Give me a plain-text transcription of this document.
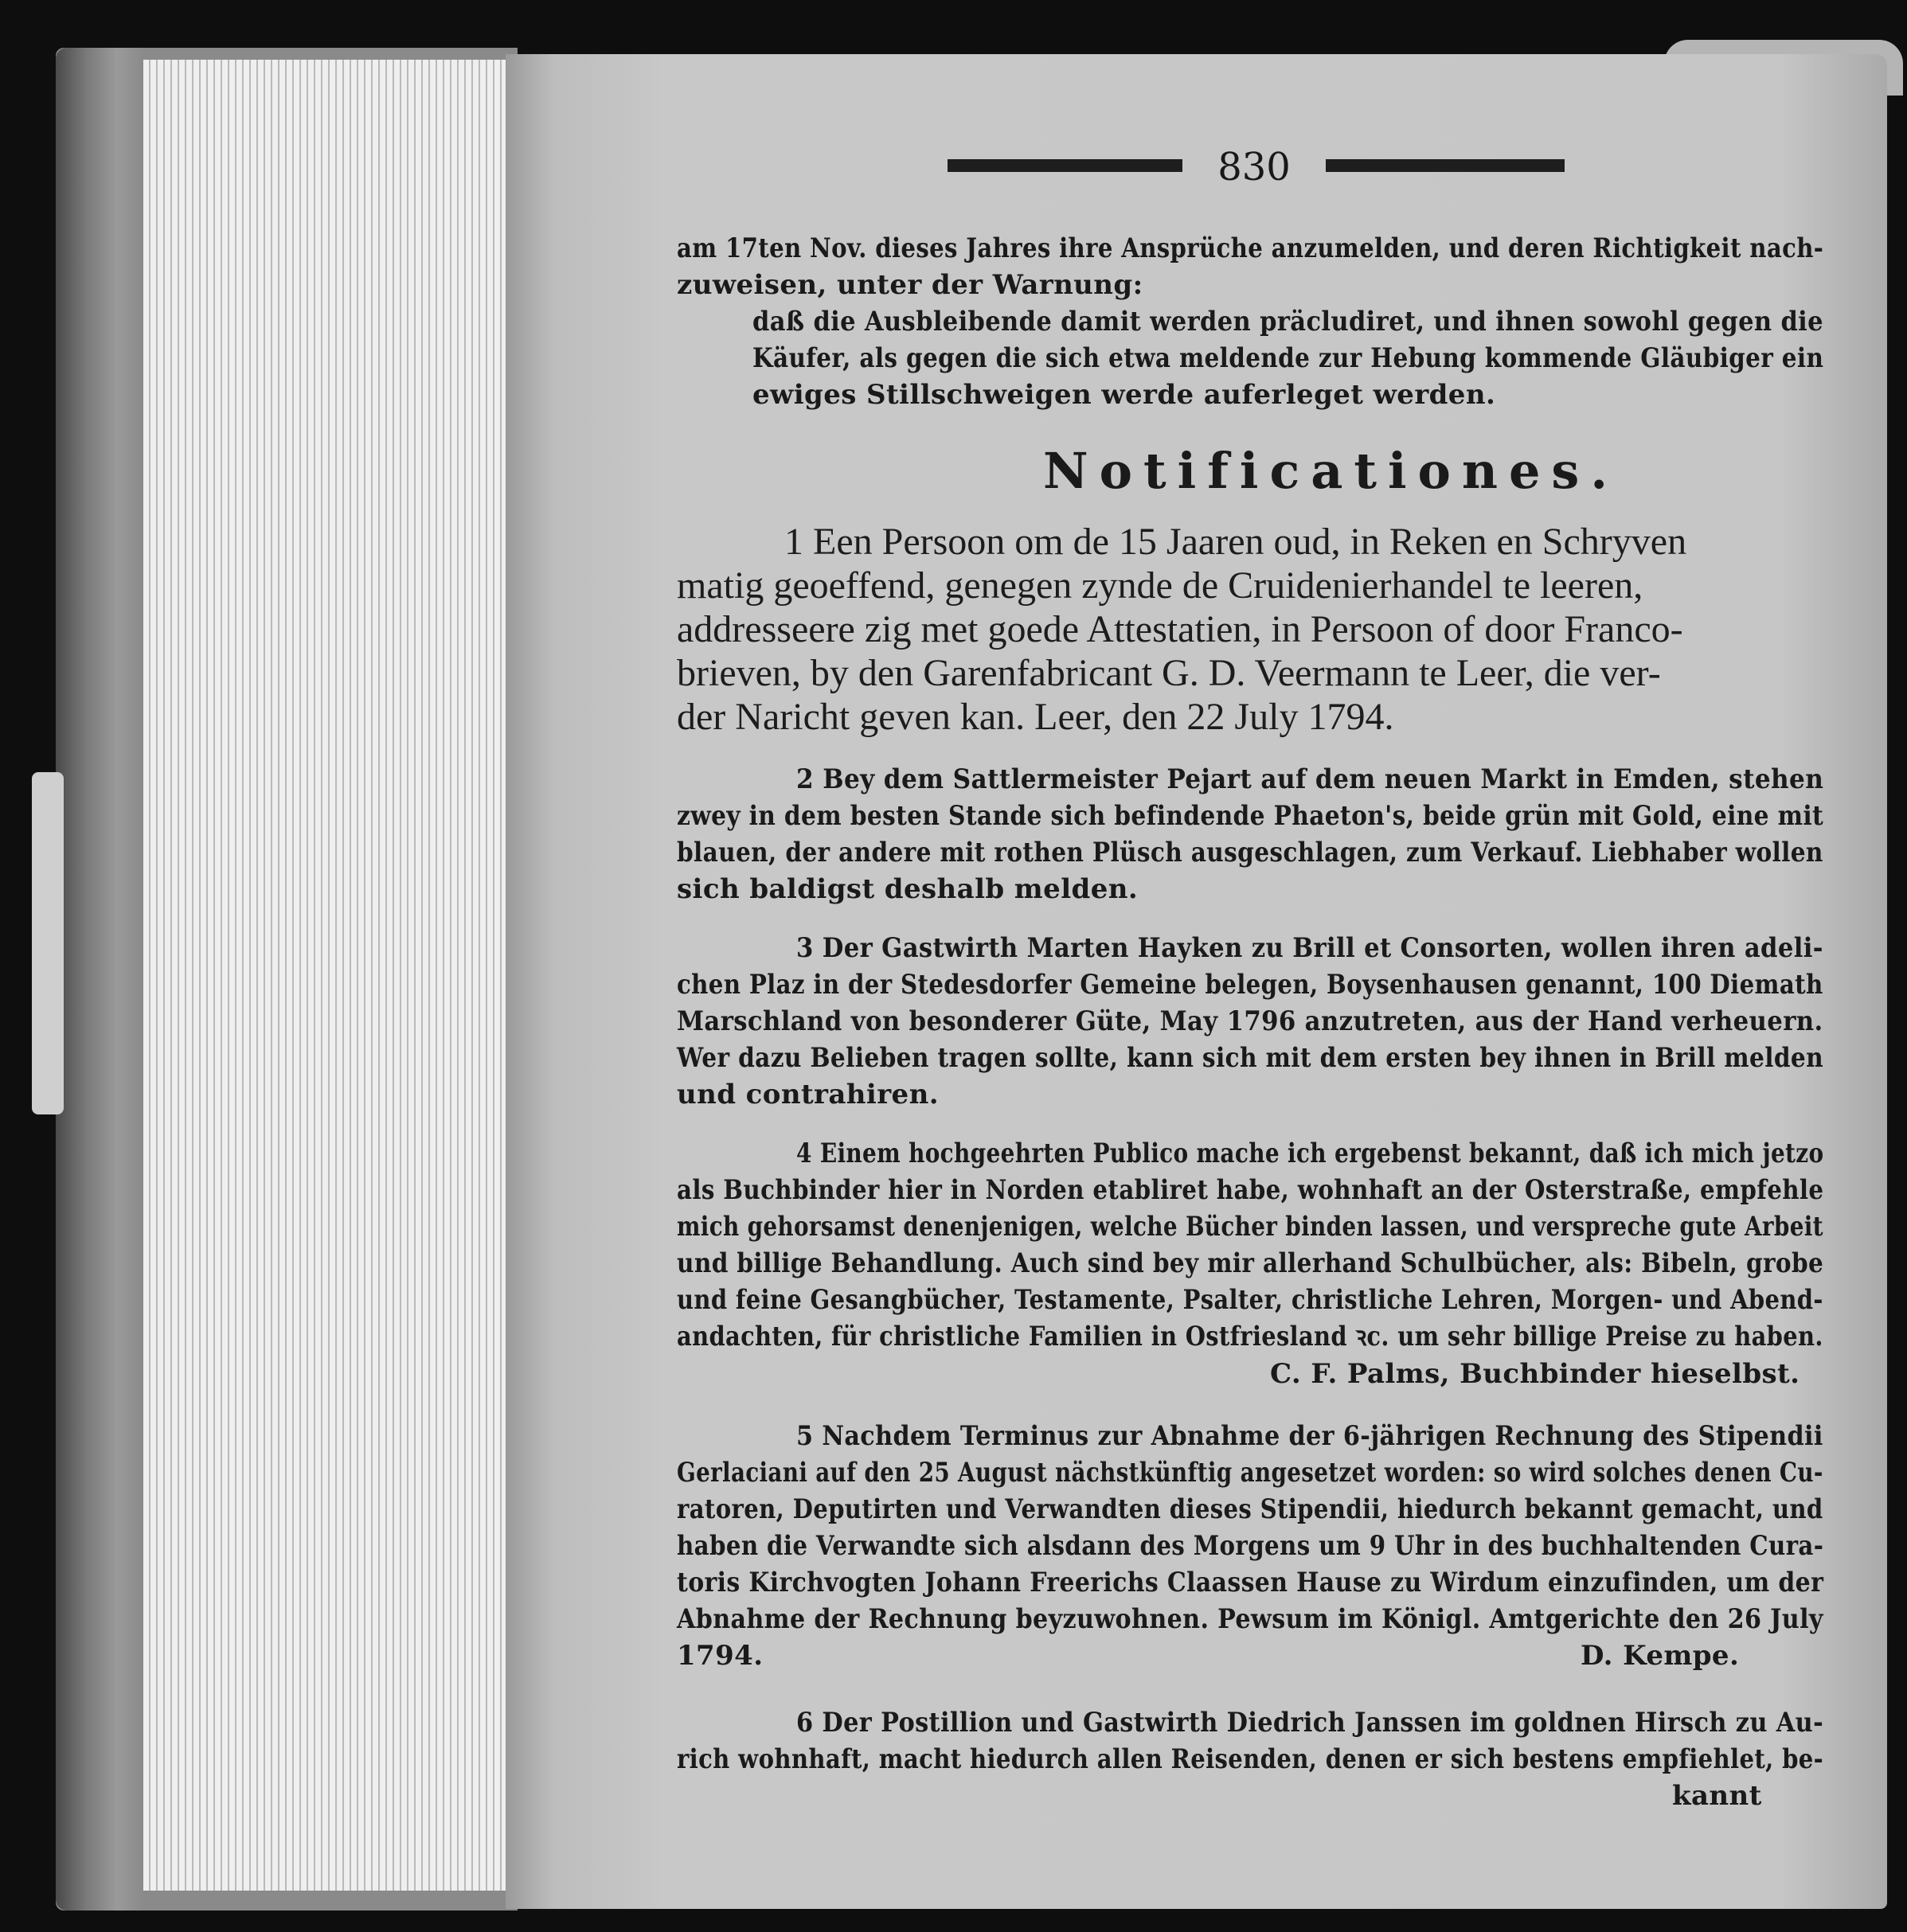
830
am 17ten Nov. dieses Jahres ihre Ansprüche anzumelden, und deren Richtigkeit nach-
zuweisen, unter der Warnung:
daß die Ausbleibende damit werden präcludiret, und ihnen sowohl gegen die
Käufer, als gegen die sich etwa meldende zur Hebung kommende Gläubiger ein
ewiges Stillschweigen werde auferleget werden.
Notificationes.
1 Een Persoon om de 15 Jaaren oud, in Reken en Schryven
matig geoeffend, genegen zynde de Cruidenierhandel te leeren,
addresseere zig met goede Attestatien, in Persoon of door Franco-
brieven, by den Garenfabricant G. D. Veermann te Leer, die ver-
der Naricht geven kan. Leer, den 22 July 1794.
2 Bey dem Sattlermeister Pejart auf dem neuen Markt in Emden, stehen
zwey in dem besten Stande sich befindende Phaeton's, beide grün mit Gold, eine mit
blauen, der andere mit rothen Plüsch ausgeschlagen, zum Verkauf. Liebhaber wollen
sich baldigst deshalb melden.
3 Der Gastwirth Marten Hayken zu Brill et Consorten, wollen ihren adeli-
chen Plaz in der Stedesdorfer Gemeine belegen, Boysenhausen genannt, 100 Diemath
Marschland von besonderer Güte, May 1796 anzutreten, aus der Hand verheuern.
Wer dazu Belieben tragen sollte, kann sich mit dem ersten bey ihnen in Brill melden
und contrahiren.
4 Einem hochgeehrten Publico mache ich ergebenst bekannt, daß ich mich jetzo
als Buchbinder hier in Norden etabliret habe, wohnhaft an der Osterstraße, empfehle
mich gehorsamst denenjenigen, welche Bücher binden lassen, und verspreche gute Arbeit
und billige Behandlung. Auch sind bey mir allerhand Schulbücher, als: Bibeln, grobe
und feine Gesangbücher, Testamente, Psalter, christliche Lehren, Morgen- und Abend-
andachten, für christliche Familien in Ostfriesland ꝛc. um sehr billige Preise zu haben.
C. F. Palms, Buchbinder hieselbst.
5 Nachdem Terminus zur Abnahme der 6-jährigen Rechnung des Stipendii
Gerlaciani auf den 25 August nächstkünftig angesetzet worden: so wird solches denen Cu-
ratoren, Deputirten und Verwandten dieses Stipendii, hiedurch bekannt gemacht, und
haben die Verwandte sich alsdann des Morgens um 9 Uhr in des buchhaltenden Cura-
toris Kirchvogten Johann Freerichs Claassen Hause zu Wirdum einzufinden, um der
Abnahme der Rechnung beyzuwohnen. Pewsum im Königl. Amtgerichte den 26 July
1794.	D. Kempe.
6 Der Postillion und Gastwirth Diedrich Janssen im goldnen Hirsch zu Au-
rich wohnhaft, macht hiedurch allen Reisenden, denen er sich bestens empfiehlet, be-
kannt
